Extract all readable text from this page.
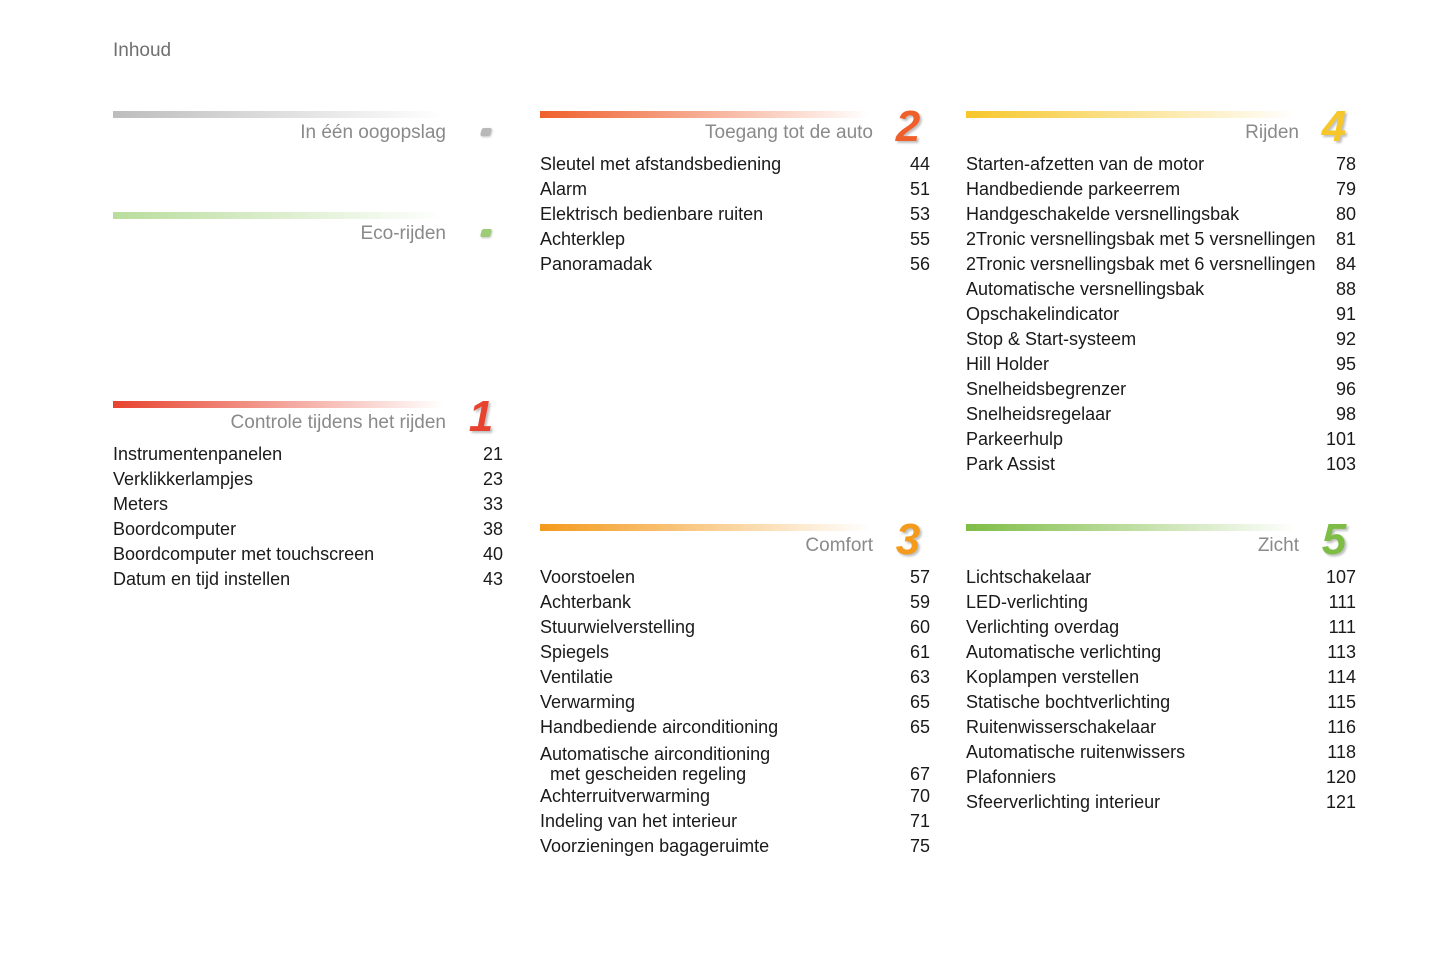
Inhoud
In één oogopslag
Eco-rijden
Controle tijdens het rijden 1
Instrumentenpanelen	21
Verklikkerlampjes	23
Meters	33
Boordcomputer	38
Boordcomputer met touchscreen	40
Datum en tijd instellen	43
Toegang tot de auto 2
Sleutel met afstandsbediening	44
Alarm	51
Elektrisch bedienbare ruiten	53
Achterklep	55
Panoramadak	56
Comfort 3
Voorstoelen	57
Achterbank	59
Stuurwielverstelling	60
Spiegels	61
Ventilatie	63
Verwarming	65
Handbediende airconditioning	65
Automatische airconditioning
met gescheiden regeling	67
Achterruitverwarming	70
Indeling van het interieur	71
Voorzieningen bagageruimte	75
Rijden 4
Starten-afzetten van de motor	78
Handbediende parkeerrem	79
Handgeschakelde versnellingsbak	80
2Tronic versnellingsbak met 5 versnellingen	81
2Tronic versnellingsbak met 6 versnellingen	84
Automatische versnellingsbak	88
Opschakelindicator	91
Stop & Start-systeem	92
Hill Holder	95
Snelheidsbegrenzer	96
Snelheidsregelaar	98
Parkeerhulp	101
Park Assist	103
Zicht 5
Lichtschakelaar	107
LED-verlichting	111
Verlichting overdag	111
Automatische verlichting	113
Koplampen verstellen	114
Statische bochtverlichting	115
Ruitenwisserschakelaar	116
Automatische ruitenwissers	118
Plafonniers	120
Sfeerverlichting interieur	121
